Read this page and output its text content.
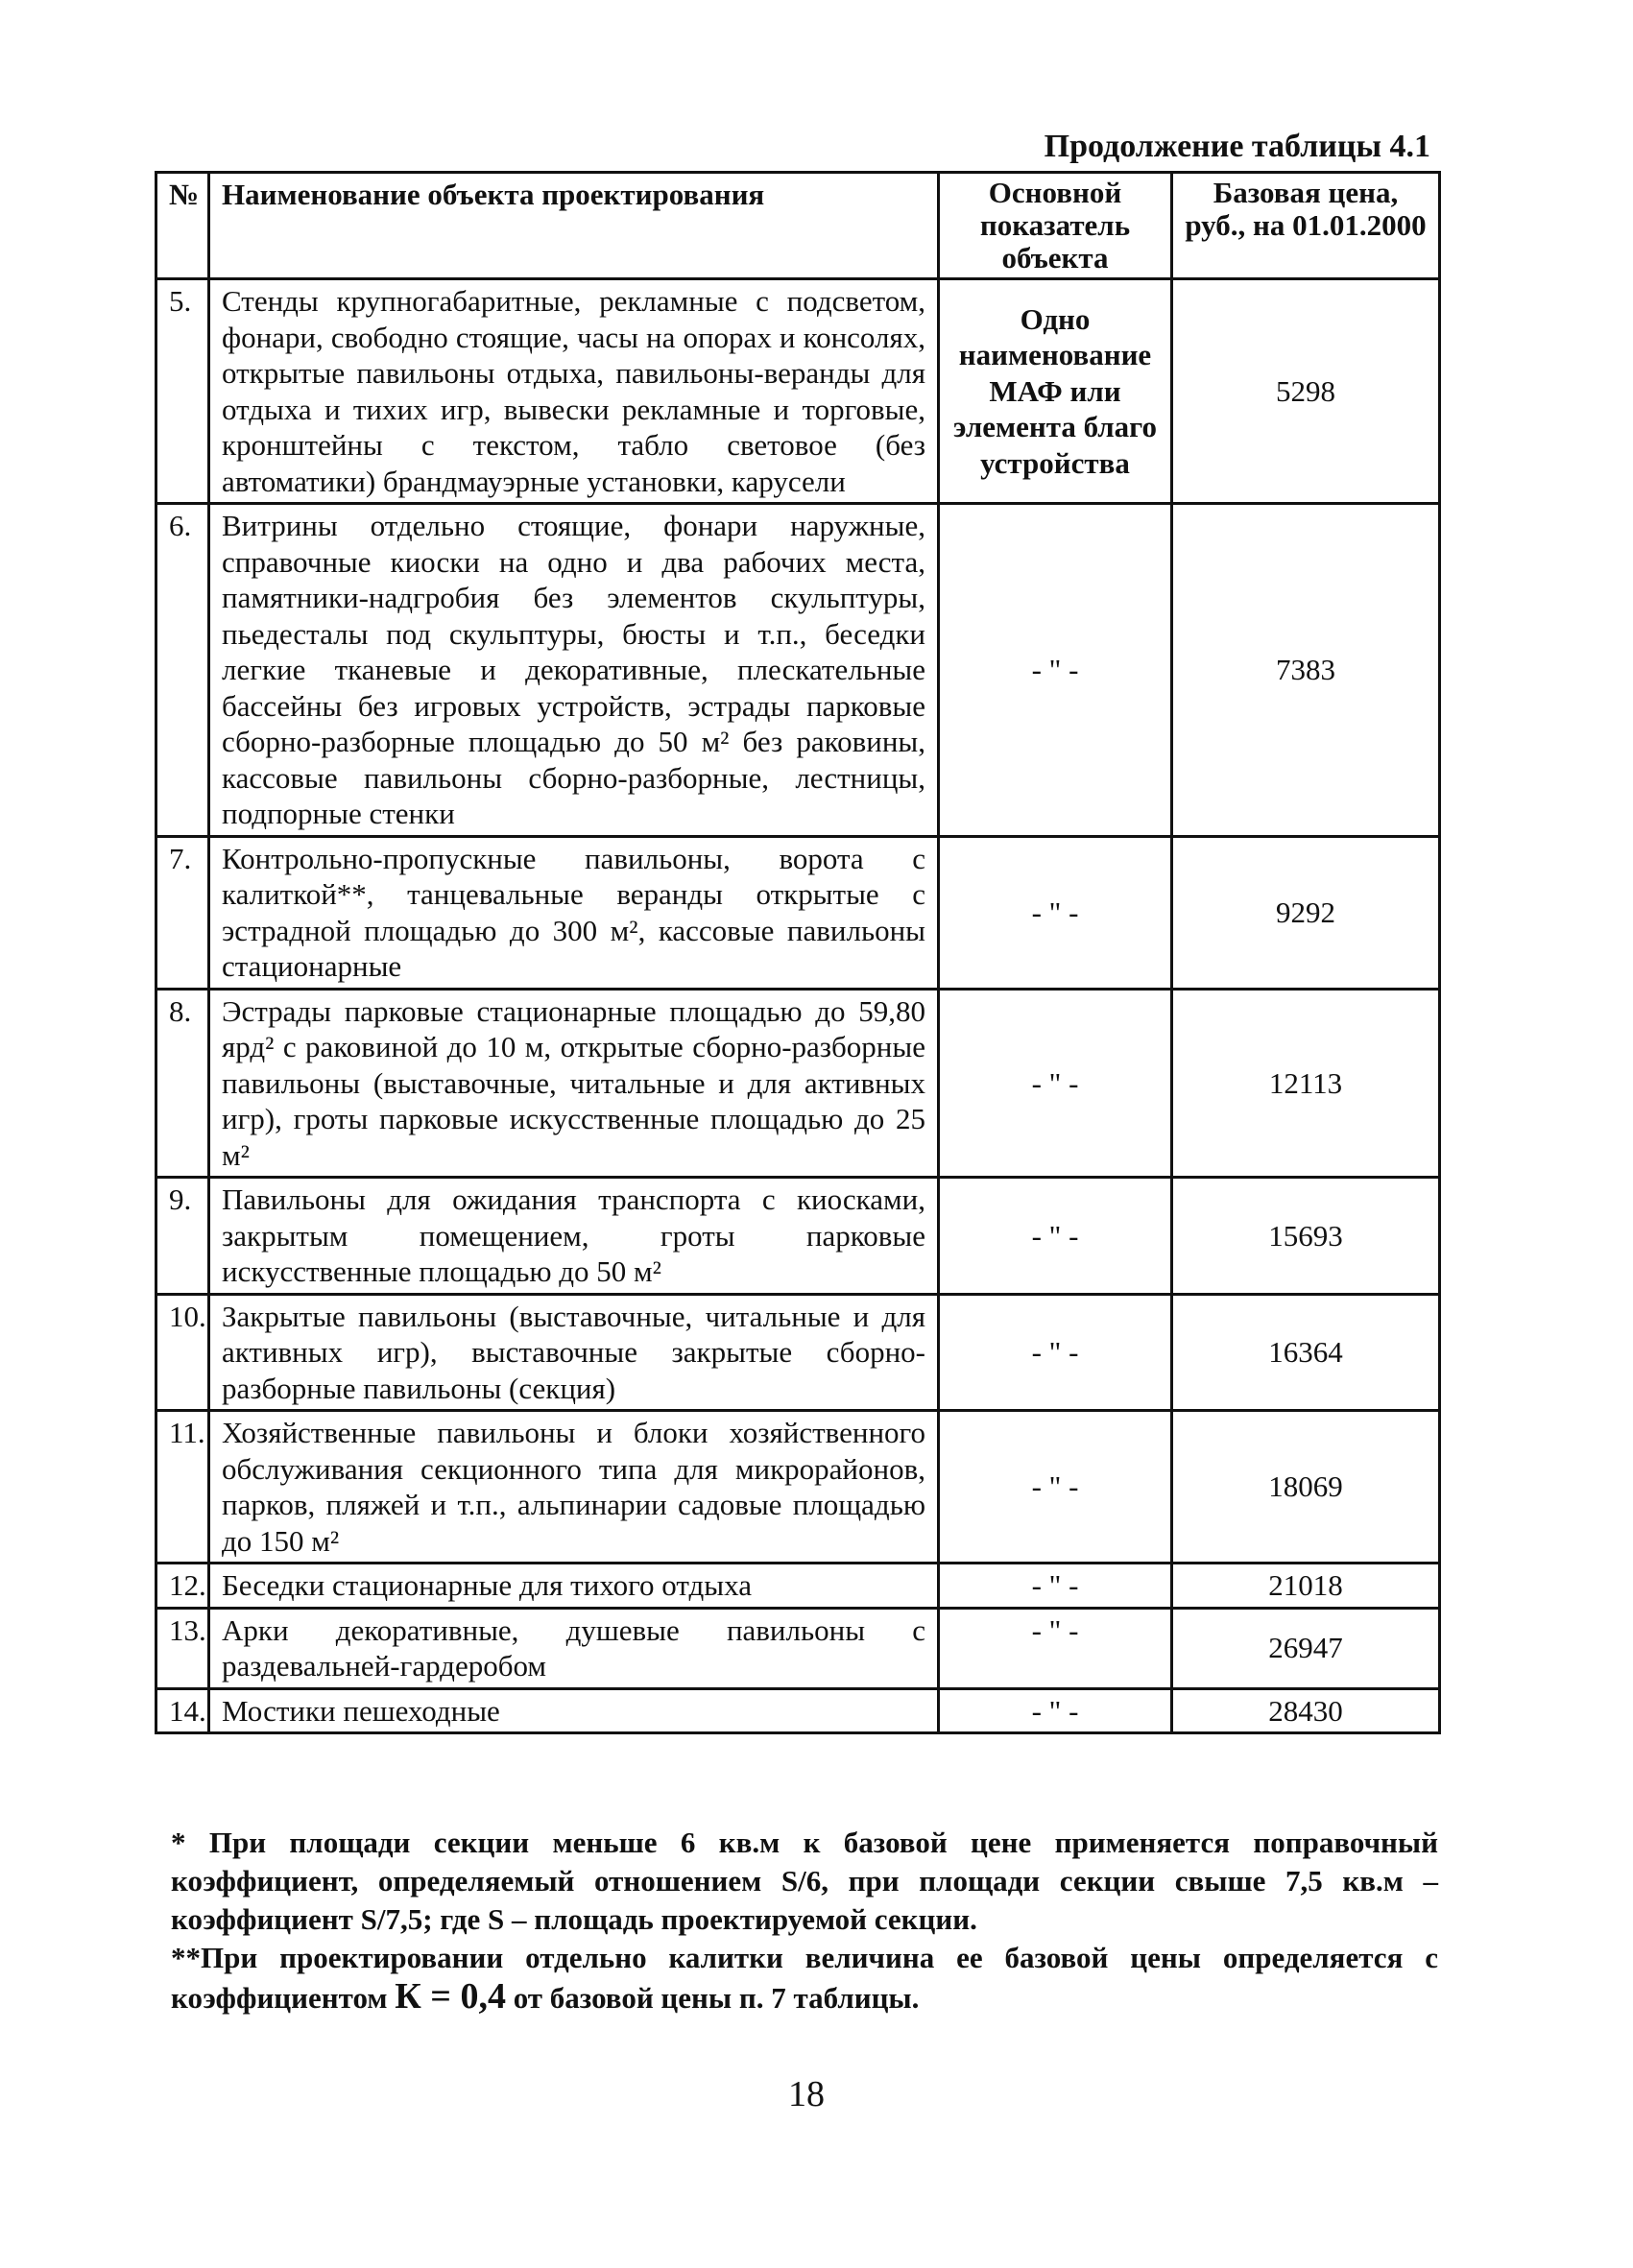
Продолжение таблицы 4.1
№	Наименование объекта проектирования	Основной показатель объекта	Базовая цена, руб., на 01.01.2000
5.	Стенды крупногабаритные, рекламные с подсветом, фонари, свободно стоящие, часы на опорах и консолях, открытые павильоны отдыха, павильоны-веранды для отдыха и тихих игр, вывески рекламные и торговые, кронштейны с текстом, табло световое (без автоматики) брандмауэрные установки, карусели	Одно наименование МАФ или элемента благо устройства	5298
6.	Витрины отдельно стоящие, фонари наружные, справочные киоски на одно и два рабочих места, памятники-надгробия без элементов скульптуры, пьедесталы под скульптуры, бюсты и т.п., беседки легкие тканевые и декоративные, плескательные бассейны без игровых устройств, эстрады парковые сборно-разборные площадью до 50 м² без раковины, кассовые павильоны сборно-разборные, лестницы, подпорные стенки	- " -	7383
7.	Контрольно-пропускные павильоны, ворота с калиткой**, танцевальные веранды открытые с эстрадной площадью до 300 м², кассовые павильоны стационарные	- " -	9292
8.	Эстрады парковые стационарные площадью до 59,80 ярд² с раковиной до 10 м, открытые сборно-разборные павильоны (выставочные, читальные и для активных игр), гроты парковые искусственные площадью до 25 м²	- " -	12113
9.	Павильоны для ожидания транспорта с киосками, закрытым помещением, гроты парковые искусственные площадью до 50 м²	- " -	15693
10.	Закрытые павильоны (выставочные, читальные и для активных игр), выставочные закрытые сборно-разборные павильоны (секция)	- " -	16364
11.	Хозяйственные павильоны и блоки хозяйственного обслуживания секционного типа для микрорайонов, парков, пляжей и т.п., альпинарии садовые площадью до 150 м²	- " -	18069
12.	Беседки стационарные для тихого отдыха	- " -	21018
13.	Арки декоративные, душевые павильоны с раздевальней-гардеробом	- " -	26947
14.	Мостики пешеходные	- " -	28430

* При площади секции меньше 6 кв.м к базовой цене применяется поправочный коэффициент, определяемый отношением S/6, при площади секции свыше 7,5 кв.м – коэффициент S/7,5; где S – площадь проектируемой секции.

**При проектировании отдельно калитки величина ее базовой цены определяется с коэффициентом К = 0,4 от базовой цены п. 7 таблицы.

18
